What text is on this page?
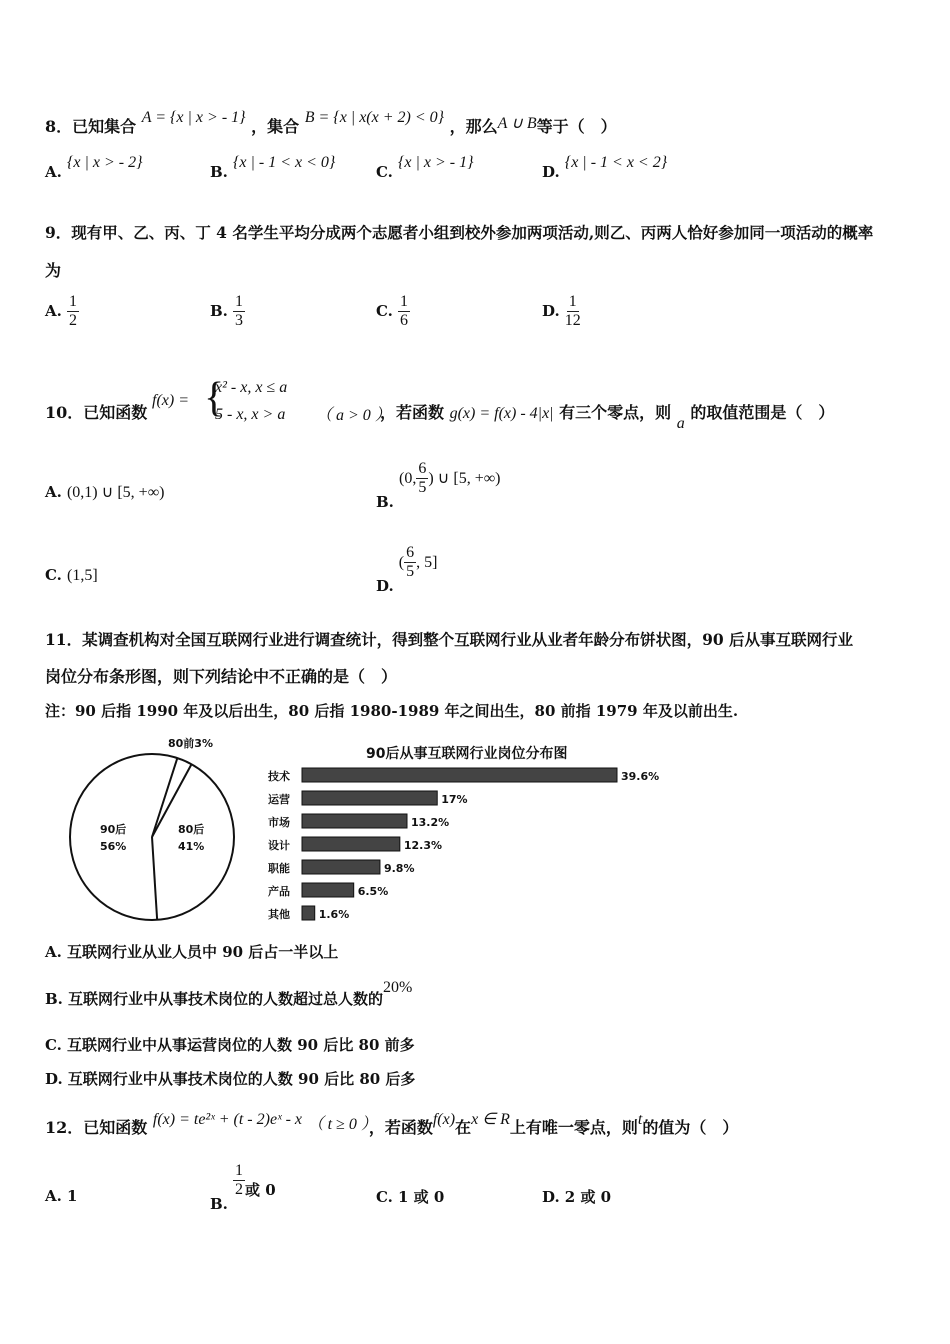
8．已知集合 A = {x | x > - 1} ，集合 B = {x | x(x + 2) < 0} ，那么A ∪ B等于（　）
A. {x | x > - 2}
B. {x | - 1 < x < 0}
C. {x | x > - 1}
D. {x | - 1 < x < 2}
9．现有甲、乙、丙、丁 4 名学生平均分成两个志愿者小组到校外参加两项活动,则乙、丙两人恰好参加同一项活动的概率
为
A. $\frac{1}{2}$	B. $\frac{1}{3}$	C. $\frac{1}{6}$	D. $\frac{1}{12}$
10．已知函数
f(x) = {
x² - x, x ≤ a
5 - x, x > a （ a > 0 ）
，若函数 g(x) = f(x) - 4|x| 有三个零点，则 a 的取值范围是（　）
A. (0,1) ∪ [5, +∞)
B. (0, $\frac{6}{5}$ ) ∪ [5, +∞)
C. (1,5]
D. ( $\frac{6}{5}$ , 5]
11．某调查机构对全国互联网行业进行调查统计，得到整个互联网行业从业者年龄分布饼状图，90 后从事互联网行业
岗位分布条形图，则下列结论中不正确的是（　）
注：90 后指 1990 年及以后出生，80 后指 1980-1989 年之间出生，80 前指 1979 年及以前出生.
90后
56%
80后
41%
80前3%
90后从事互联网行业岗位分布图
技术	39.6%
运营	17%
市场	13.2%
设计	12.3%
职能	9.8%
产品	6.5%
其他	1.6%
A. 互联网行业从业人员中 90 后占一半以上
B. 互联网行业中从事技术岗位的人数超过总人数的20%
C. 互联网行业中从事运营岗位的人数 90 后比 80 前多
D. 互联网行业中从事技术岗位的人数 90 后比 80 后多
12．已知函数 f(x) = te²ˣ + (t - 2)eˣ - x （ t ≥ 0 ），若函数f(x)在x ∈ R上有唯一零点，则t的值为（　）
A. 1	B.
$\frac{1}{2}$ 或 0	C. 1 或 0	D. 2 或 0
